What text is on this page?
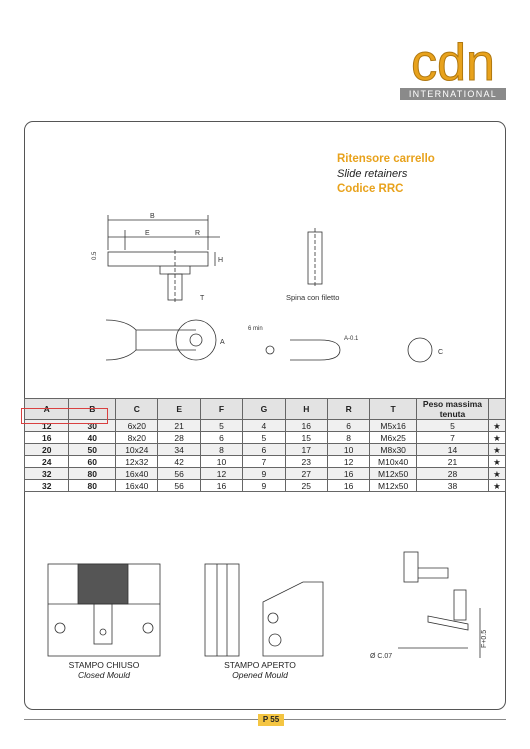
cdn
INTERNATIONAL
Ritensore carrello
Slide retainers
Codice RRC
B
E	R
0.5
H
T	Spina con filetto
A
6 min
A-0.1
C
A	B	C	E	F	G	H	R	T	Peso massima tenuta	
12	30	6x20	21	5	4	16	6	M5x16	5	★
16	40	8x20	28	6	5	15	8	M6x25	7	★
20	50	10x24	34	8	6	17	10	M8x30	14	★
24	60	12x32	42	10	7	23	12	M10x40	21	★
32	80	16x40	56	12	9	27	16	M12x50	28	★
32	80	16x40	56	16	9	25	16	M12x50	38	★
STAMPO CHIUSO
Closed Mould
STAMPO APERTO
Opened Mould
Ø C.07
F+0.5
P 55
